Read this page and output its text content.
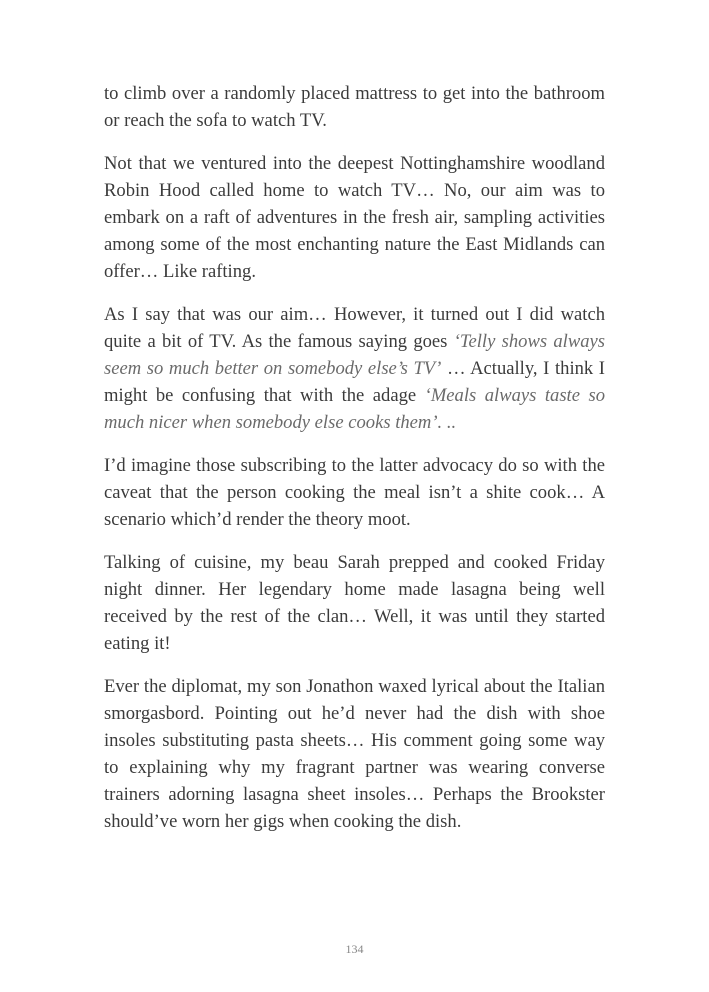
to climb over a randomly placed mattress to get into the bathroom or reach the sofa to watch TV.

Not that we ventured into the deepest Nottinghamshire woodland Robin Hood called home to watch TV… No, our aim was to embark on a raft of adventures in the fresh air, sampling activities among some of the most enchanting nature the East Midlands can offer… Like rafting.

As I say that was our aim… However, it turned out I did watch quite a bit of TV. As the famous saying goes ‘Telly shows always seem so much better on somebody else’s TV’ … Actually, I think I might be confusing that with the adage ‘Meals always taste so much nicer when somebody else cooks them’. ..

I’d imagine those subscribing to the latter advocacy do so with the caveat that the person cooking the meal isn’t a shite cook… A scenario which’d render the theory moot.

Talking of cuisine, my beau Sarah prepped and cooked Friday night dinner. Her legendary home made lasagna being well received by the rest of the clan… Well, it was until they started eating it!

Ever the diplomat, my son Jonathon waxed lyrical about the Italian smorgasbord. Pointing out he’d never had the dish with shoe insoles substituting pasta sheets… His comment going some way to explaining why my fragrant partner was wearing converse trainers adorning lasagna sheet insoles… Perhaps the Brookster should’ve worn her gigs when cooking the dish.

134
